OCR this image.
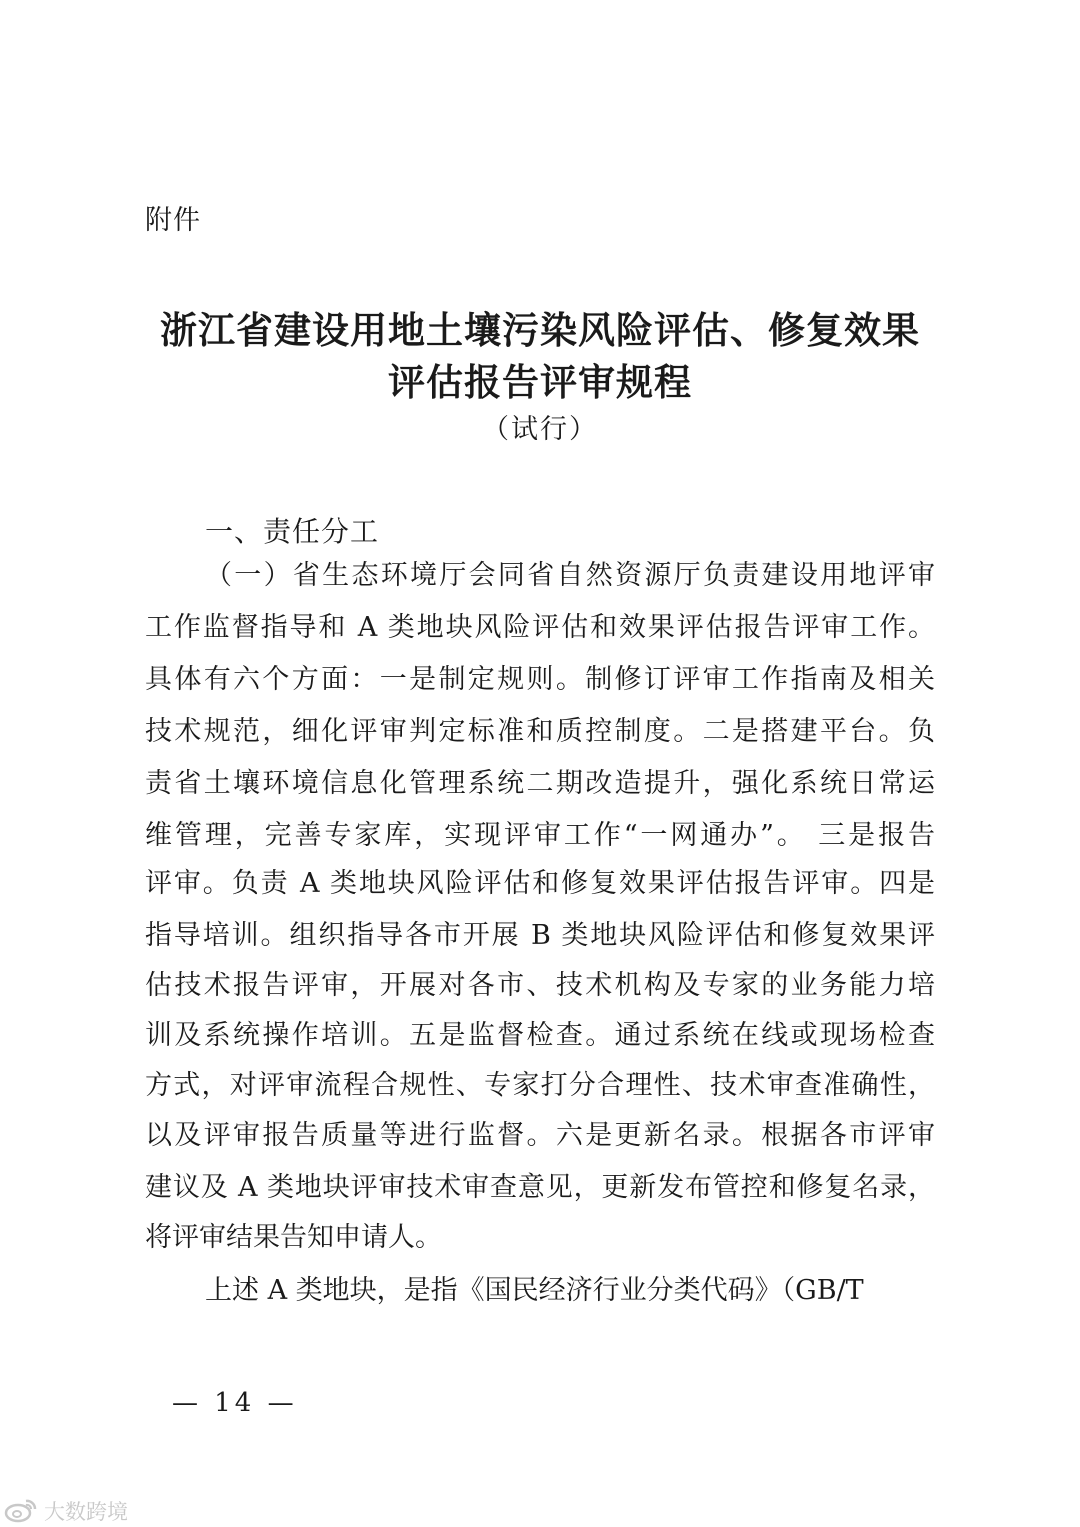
附件
浙江省建设用地土壤污染风险评估、修复效果
评估报告评审规程
（试行）
一、责任分工
（一）省生态环境厅会同省自然资源厅负责建设用地评审
工作监督指导和 A 类地块风险评估和效果评估报告评审工作。
具体有六个方面：一是制定规则。制修订评审工作指南及相关
技术规范，细化评审判定标准和质控制度。二是搭建平台。负
责省土壤环境信息化管理系统二期改造提升，强化系统日常运
维管理，完善专家库，实现评审工作“一网通办”。 三是报告
评审。负责 A 类地块风险评估和修复效果评估报告评审。四是
指导培训。组织指导各市开展 B 类地块风险评估和修复效果评
估技术报告评审，开展对各市、技术机构及专家的业务能力培
训及系统操作培训。五是监督检查。通过系统在线或现场检查
方式，对评审流程合规性、专家打分合理性、技术审查准确性，
以及评审报告质量等进行监督。六是更新名录。根据各市评审
建议及 A 类地块评审技术审查意见，更新发布管控和修复名录，
将评审结果告知申请人。
上述 A 类地块，是指《国民经济行业分类代码》（GB/T
— 14 —
大数跨境
